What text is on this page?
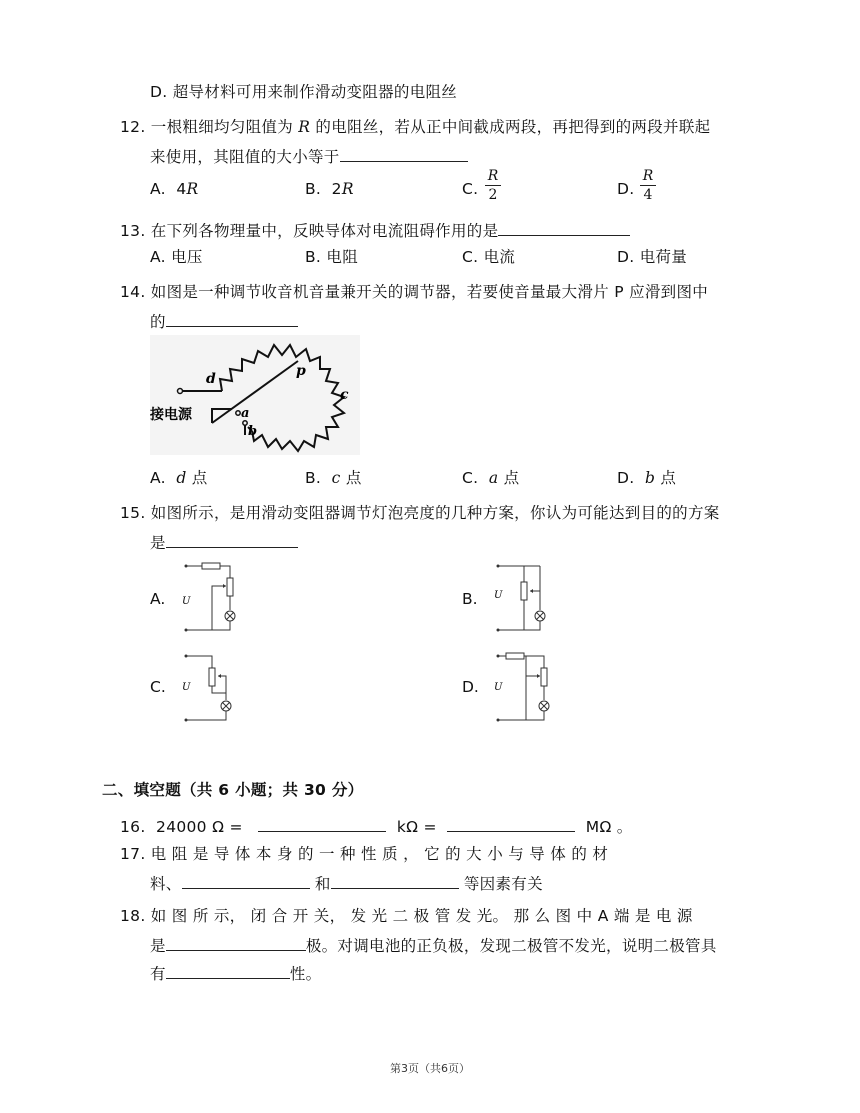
D. 超导材料可用来制作滑动变阻器的电阻丝
12. 一根粗细均匀阻值为 R 的电阻丝，若从正中间截成两段，再把得到的两段并联起
来使用，其阻值的大小等于
A. 4R	B. 2R	C. $\frac{R}{2}$	D. $\frac{R}{4}$
13. 在下列各物理量中，反映导体对电流阻碍作用的是
A. 电压	B. 电阻	C. 电流	D. 电荷量
14. 如图是一种调节收音机音量兼开关的调节器，若要使音量最大滑片 P 应滑到图中
的
d	p
c
a
b
接电源
A. d 点	B. c 点	C. a 点	D. b 点
15. 如图所示，是用滑动变阻器调节灯泡亮度的几种方案，你认为可能达到目的的方案
是
A. U	B. U
C. U	D. U
二、填空题（共 6 小题；共 30 分）
16. 24000 Ω =	kΩ =	MΩ 。
17. 电 阻 是 导 体 本 身 的 一 种 性 质 ， 它 的 大 小 与 导 体 的 材
料、	和	等因素有关
18. 如 图 所 示， 闭 合 开 关， 发 光 二 极 管 发 光。 那 么 图 中 A 端 是 电 源
是	极。对调电池的正负极，发现二极管不发光，说明二极管具
有	性。
第3页（共6页）
